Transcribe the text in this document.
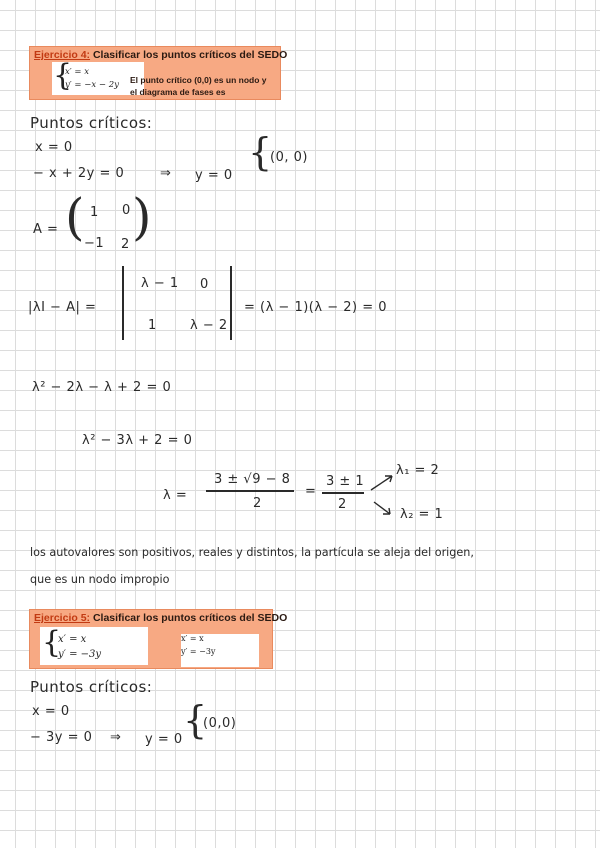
Ejercicio 4: Clasificar los puntos críticos del SEDO
{
x′ = x
y′ = −x − 2y El punto crítico (0,0) es un nodo y
el diagrama de fases es
Puntos críticos:
x = 0
− x + 2y = 0	⇒ y = 0
{
(0, 0)
A = ( )
1 0
−1 2
|λI − A| =
λ − 1 0
1	λ − 2
= (λ − 1)(λ − 2) = 0
λ² − 2λ − λ + 2 = 0
λ² − 3λ + 2 = 0
λ =
3 ± √9 − 8
2
=
3 ± 1
2
λ₁ = 2
λ₂ = 1
los autovalores son positivos, reales y distintos, la partícula se aleja del origen,
que es un nodo impropio
Ejercicio 5: Clasificar los puntos críticos del SEDO
{
x′ = x
y′ = −3y
x′ = x
y′ = −3y
Puntos críticos:
x = 0
− 3y = 0 ⇒ y = 0 {
(0,0)
